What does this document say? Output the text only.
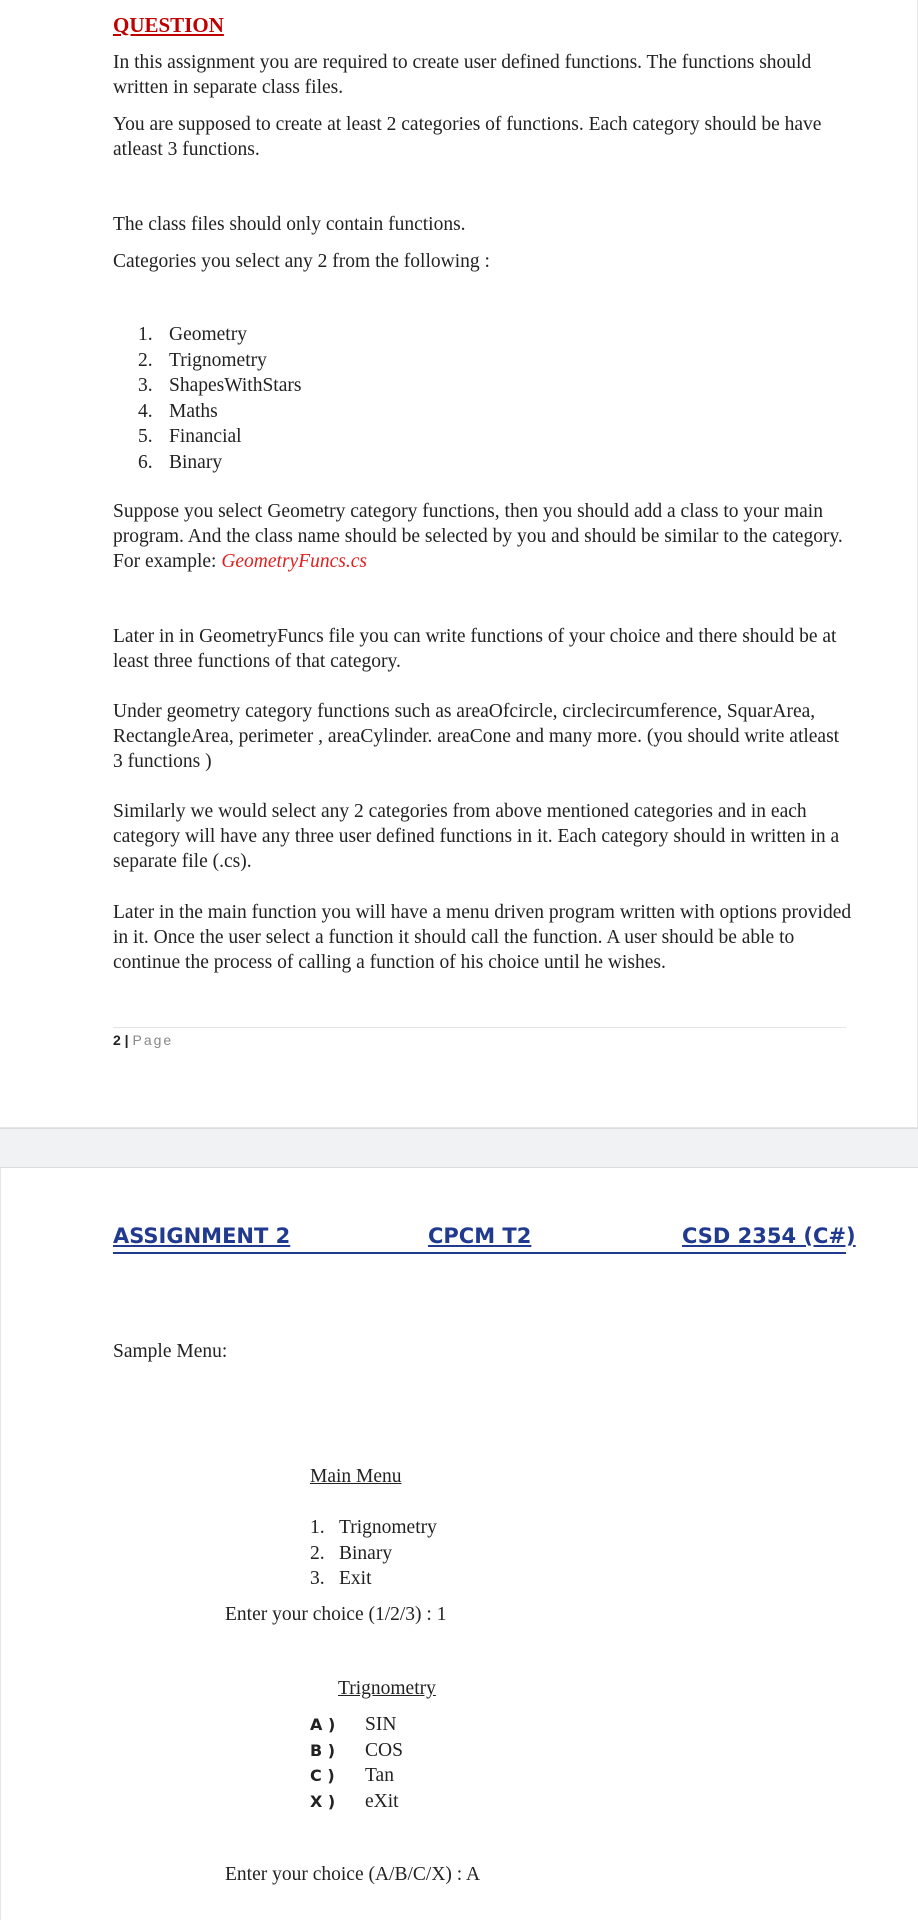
QUESTION

In this assignment you are required to create user defined functions. The functions should written in separate class files.

You are supposed to create at least 2 categories of functions. Each category should be have atleast 3 functions.

The class files should only contain functions.

Categories you select any 2 from the following :

1. Geometry
2. Trignometry
3. ShapesWithStars
4. Maths
5. Financial
6. Binary

Suppose you select Geometry category functions, then you should add a class to your main program. And the class name should be selected by you and should be similar to the category.
For example: GeometryFuncs.cs

Later in in GeometryFuncs file you can write functions of your choice and there should be at least three functions of that category.

Under geometry category functions such as areaOfcircle, circlecircumference, SquarArea, RectangleArea, perimeter , areaCylinder. areaCone and many more. (you should write atleast 3 functions )

Similarly we would select any 2 categories from above mentioned categories and in each category will have any three user defined functions in it. Each category should in written in a separate file (.cs).

Later in the main function you will have a menu driven program written with options provided in it. Once the user select a function it should call the function. A user should be able to continue the process of calling a function of his choice until he wishes.

2 | Page
ASSIGNMENT 2	CPCM T2	CSD 2354 (C#)

Sample Menu:

Main Menu

1. Trignometry
2. Binary
3. Exit

Enter your choice (1/2/3) : 1

Trignometry

A ) SIN
B ) COS
C ) Tan
X ) eXit

Enter your choice (A/B/C/X) : A
